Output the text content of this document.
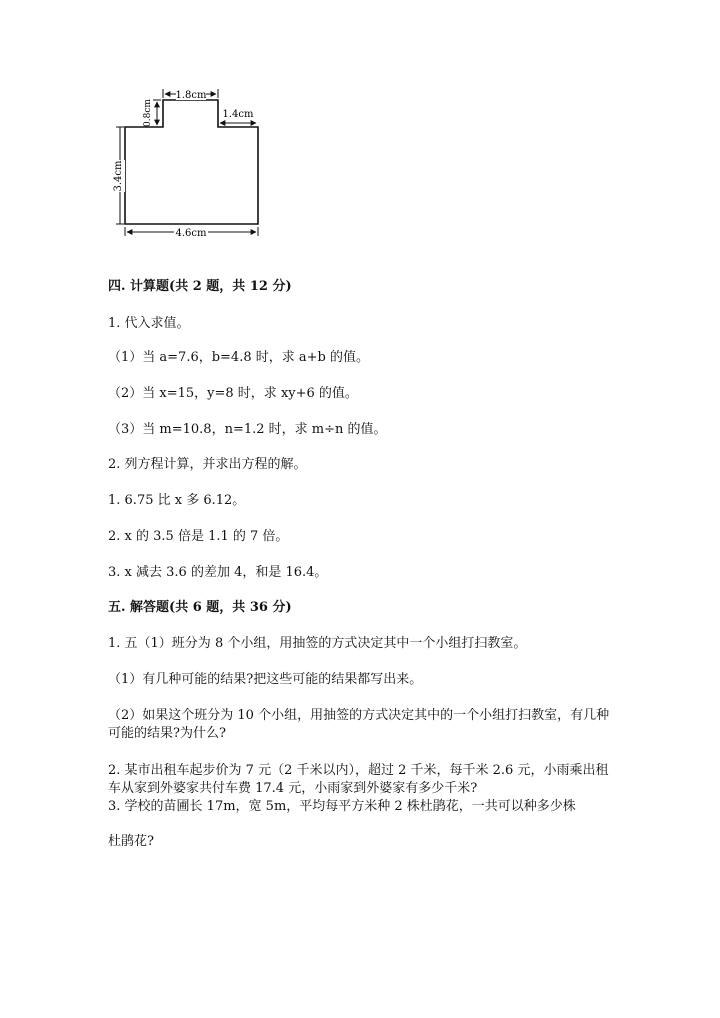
1.8cm
0.8cm	1.4cm
3.4cm
4.6cm
四. 计算题(共 2 题，共 12 分)
1. 代入求值。
（1）当 a=7.6，b=4.8 时，求 a+b 的值。
（2）当 x=15，y=8 时，求 xy+6 的值。
（3）当 m=10.8，n=1.2 时，求 m÷n 的值。
2. 列方程计算，并求出方程的解。
1. 6.75 比 x 多 6.12。
2. x 的 3.5 倍是 1.1 的 7 倍。
3. x 减去 3.6 的差加 4，和是 16.4。
五. 解答题(共 6 题，共 36 分)
1. 五（1）班分为 8 个小组，用抽签的方式决定其中一个小组打扫教室。
（1）有几种可能的结果?把这些可能的结果都写出来。
（2）如果这个班分为 10 个小组，用抽签的方式决定其中的一个小组打扫教室，有几种可能的结果?为什么?
2. 某市出租车起步价为 7 元（2 千米以内），超过 2 千米，每千米 2.6 元，小雨乘出租车从家到外婆家共付车费 17.4 元，小雨家到外婆家有多少千米?
3. 学校的苗圃长 17m，宽 5m，平均每平方米种 2 株杜鹃花，一共可以种多少株
杜鹃花?
